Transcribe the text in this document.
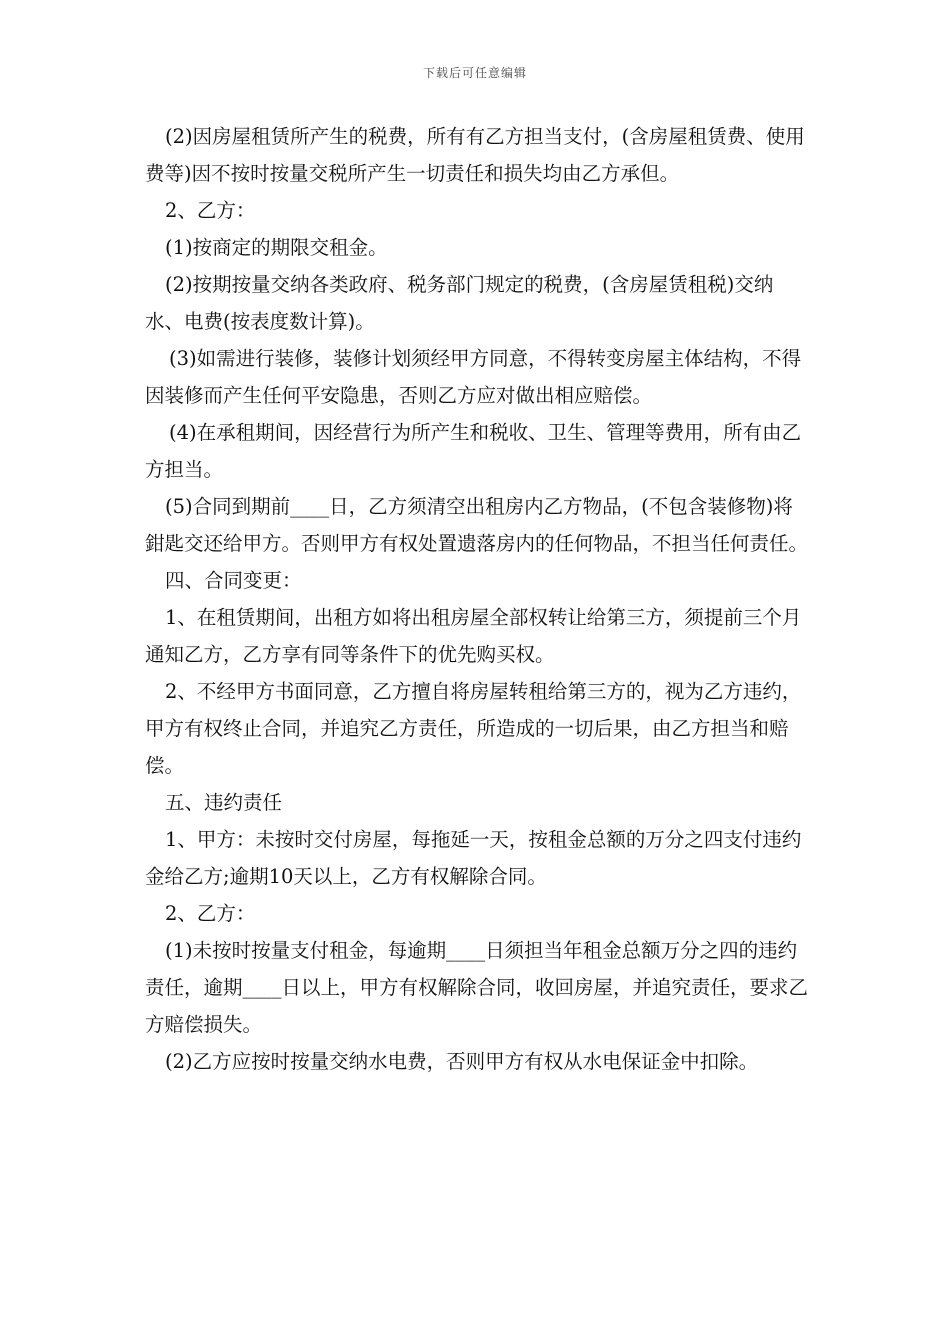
下载后可任意编辑

(2)因房屋租赁所产生的税费，所有有乙方担当支付，(含房屋租赁费、使用费等)因不按时按量交税所产生一切责任和损失均由乙方承但。

2、乙方：

(1)按商定的期限交租金。

(2)按期按量交纳各类政府、税务部门规定的税费，(含房屋赁租税)交纳水、电费(按表度数计算)。

(3)如需进行装修，装修计划须经甲方同意，不得转变房屋主体结构，不得因装修而产生任何平安隐患，否则乙方应对做出相应赔偿。

(4)在承租期间，因经营行为所产生和税收、卫生、管理等费用，所有由乙方担当。

(5)合同到期前____日，乙方须清空出租房内乙方物品，(不包含装修物)将鉗匙交还给甲方。否则甲方有权处置遗落房内的任何物品，不担当任何责任。

四、合同变更：

1、在租赁期间，出租方如将出租房屋全部权转让给第三方，须提前三个月通知乙方，乙方享有同等条件下的优先购买权。

2、不经甲方书面同意，乙方擅自将房屋转租给第三方的，视为乙方违约，甲方有权终止合同，并追究乙方责任，所造成的一切后果，由乙方担当和赔偿。

五、违约责任

1、甲方：未按时交付房屋，每拖延一天，按租金总额的万分之四支付违约金给乙方;逾期10天以上，乙方有权解除合同。

2、乙方：

(1)未按时按量支付租金，每逾期____日须担当年租金总额万分之四的违约责任，逾期____日以上，甲方有权解除合同，收回房屋，并追究责任，要求乙方赔偿损失。

(2)乙方应按时按量交纳水电费，否则甲方有权从水电保证金中扣除。
